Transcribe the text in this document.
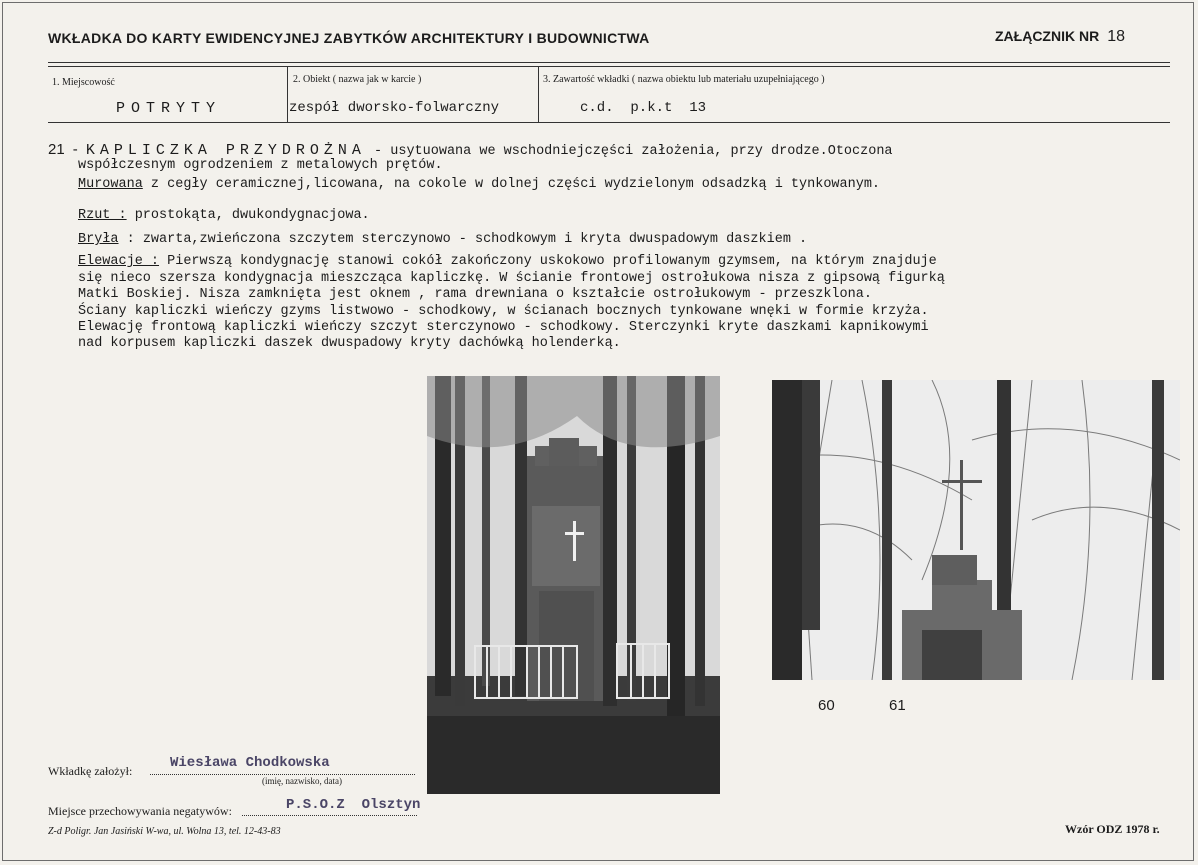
WKŁADKA DO KARTY EWIDENCYJNEJ ZABYTKÓW ARCHITEKTURY I BUDOWNICTWA	ZAŁĄCZNIK NR 18
1. Miejscowość
POTRYTY
2. Obiekt ( nazwa jak w karcie )
zespół dworsko-folwarczny
3. Zawartość wkładki ( nazwa obiektu lub materiału uzupełniającego )
c.d.  p.k.t  13
21 - KAPLICZKA PRZYDROŻNA - usytuowana we wschodniejczęści założenia, przy drodze.Otoczona
współczesnym ogrodzeniem z metalowych prętów.
Murowana z cegły ceramicznej,licowana, na cokole w dolnej części wydzielonym odsadzką i tynkowanym.
Rzut : prostokąta, dwukondygnacjowa.
Bryła : zwarta,zwieńczona szczytem sterczynowo - schodkowym i kryta dwuspadowym daszkiem .
Elewacje : Pierwszą kondygnację stanowi cokół zakończony uskokowo profilowanym gzymsem, na którym znajduje
się nieco szersza kondygnacja mieszcząca kapliczkę. W ścianie frontowej ostrołukowa nisza z gipsową figurką
Matki Boskiej. Nisza zamknięta jest oknem , rama drewniana o kształcie ostrołukowym - przeszklona.
Ściany kapliczki wieńczy gzyms listwowo - schodkowy, w ścianach bocznych tynkowane wnęki w formie krzyża.
Elewację frontową kapliczki wieńczy szczyt sterczynowo - schodkowy. Sterczynki kryte daszkami kapnikowymi
nad korpusem kapliczki daszek dwuspadowy kryty dachówką holenderką.
60	61
Wkładkę założył:	Wiesława Chodkowska
(imię, nazwisko, data)
Miejsce przechowywania negatywów:	P.S.O.Z  Olsztyn
Z-d Poligr. Jan Jasiński W-wa, ul. Wolna 13, tel. 12-43-83	Wzór ODZ 1978 r.
